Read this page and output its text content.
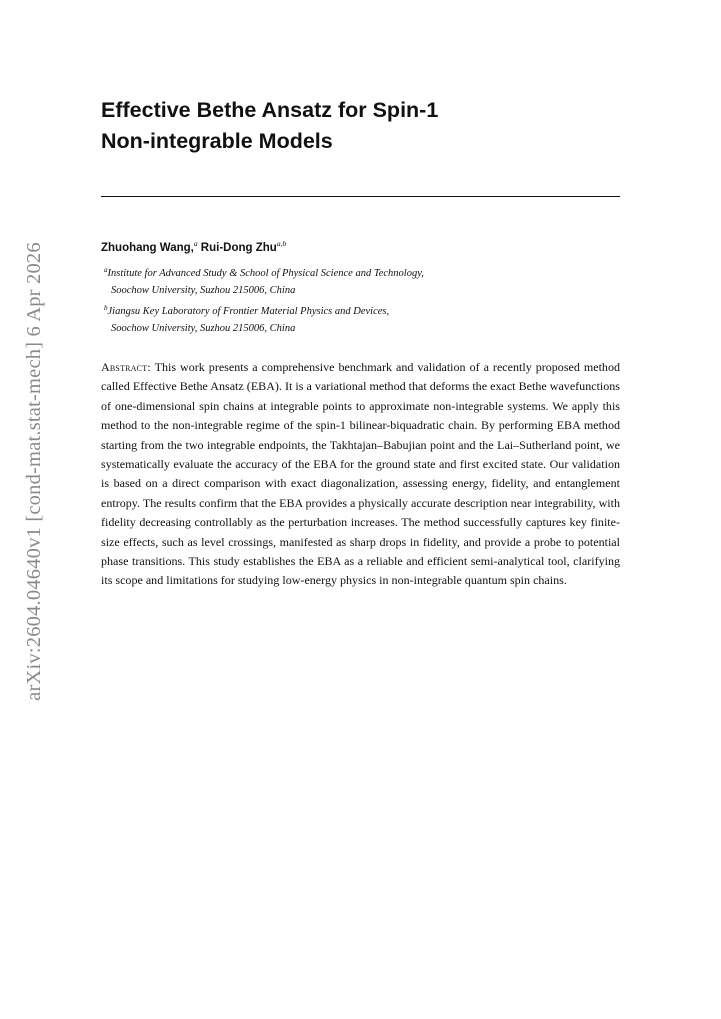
arXiv:2604.04640v1 [cond-mat.stat-mech] 6 Apr 2026
Effective Bethe Ansatz for Spin-1
Non-integrable Models
Zhuohang Wang,$^a$ Rui-Dong Zhu$^{a,b}$
$^a$Institute for Advanced Study & School of Physical Science and Technology,
Soochow University, Suzhou 215006, China
$^b$Jiangsu Key Laboratory of Frontier Material Physics and Devices,
Soochow University, Suzhou 215006, China

Abstract: This work presents a comprehensive benchmark and validation of a recently proposed method called Effective Bethe Ansatz (EBA). It is a variational method that deforms the exact Bethe wavefunctions of one-dimensional spin chains at integrable points to approximate non-integrable systems. We apply this method to the non-integrable regime of the spin-1 bilinear-biquadratic chain. By performing EBA method starting from the two integrable endpoints, the Takhtajan–Babujian point and the Lai–Sutherland point, we systematically evaluate the accuracy of the EBA for the ground state and first excited state. Our validation is based on a direct comparison with exact diagonalization, assessing energy, fidelity, and entanglement entropy. The results confirm that the EBA provides a physically accurate description near integrability, with fidelity decreasing controllably as the perturbation increases. The method successfully captures key finite-size effects, such as level crossings, manifested as sharp drops in fidelity, and provide a probe to potential phase transitions. This study establishes the EBA as a reliable and efficient semi-analytical tool, clarifying its scope and limitations for studying low-energy physics in non-integrable quantum spin chains.
